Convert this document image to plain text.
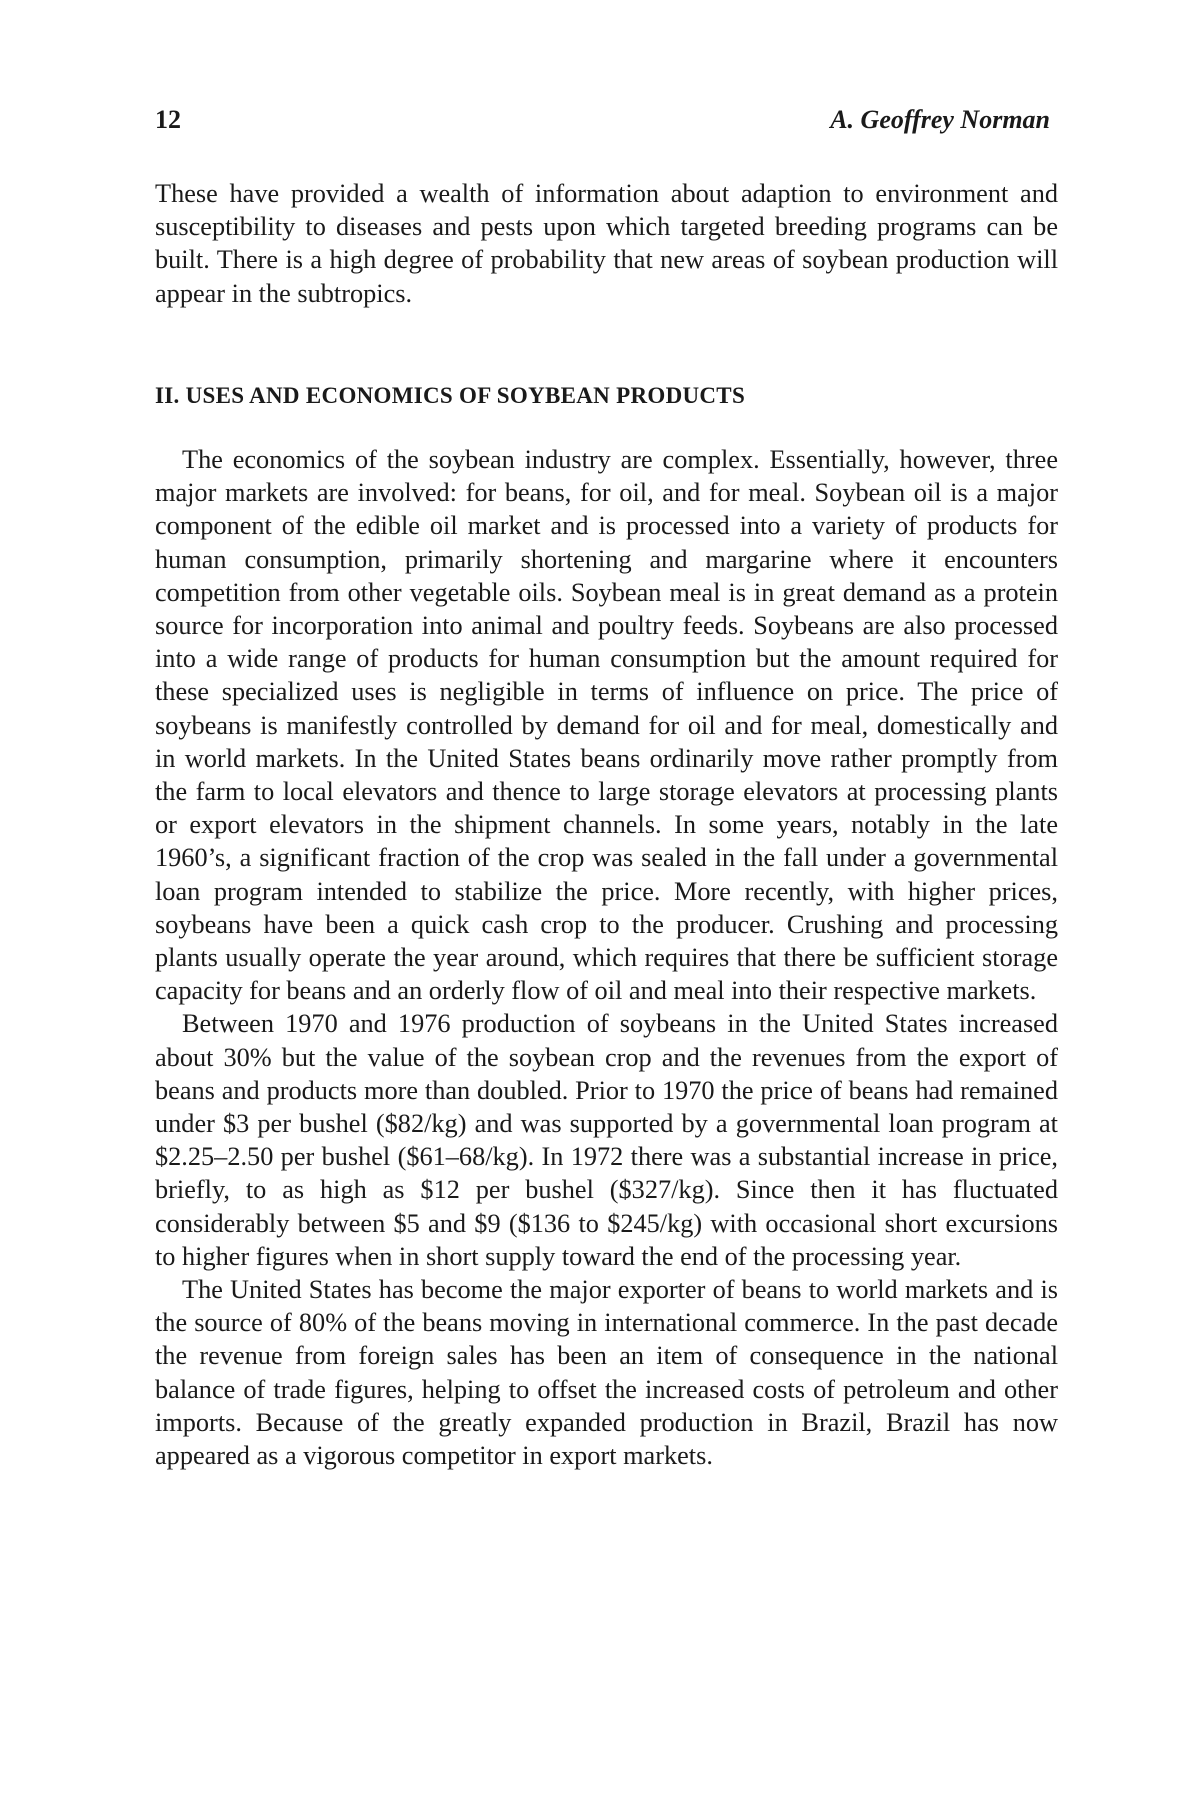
12	A. Geoffrey Norman

These have provided a wealth of information about adaption to environment and susceptibility to diseases and pests upon which targeted breeding programs can be built. There is a high degree of probability that new areas of soybean production will appear in the subtropics.

II. USES AND ECONOMICS OF SOYBEAN PRODUCTS

The economics of the soybean industry are complex. Essentially, however, three major markets are involved: for beans, for oil, and for meal. Soybean oil is a major component of the edible oil market and is processed into a variety of products for human consumption, primarily shortening and margarine where it encounters competition from other vegetable oils. Soybean meal is in great demand as a protein source for incorporation into animal and poultry feeds. Soybeans are also processed into a wide range of products for human consumption but the amount required for these specialized uses is negligible in terms of influence on price. The price of soybeans is manifestly controlled by demand for oil and for meal, domestically and in world markets. In the United States beans ordinarily move rather promptly from the farm to local elevators and thence to large storage elevators at processing plants or export elevators in the shipment channels. In some years, notably in the late 1960’s, a significant fraction of the crop was sealed in the fall under a governmental loan program intended to stabilize the price. More recently, with higher prices, soybeans have been a quick cash crop to the producer. Crushing and processing plants usually operate the year around, which requires that there be sufficient storage capacity for beans and an orderly flow of oil and meal into their respective markets.

Between 1970 and 1976 production of soybeans in the United States increased about 30% but the value of the soybean crop and the revenues from the export of beans and products more than doubled. Prior to 1970 the price of beans had remained under $3 per bushel ($82/kg) and was supported by a governmental loan program at $2.25–2.50 per bushel ($61–68/kg). In 1972 there was a substantial increase in price, briefly, to as high as $12 per bushel ($327/kg). Since then it has fluctuated considerably between $5 and $9 ($136 to $245/kg) with occasional short excursions to higher figures when in short supply toward the end of the processing year.

The United States has become the major exporter of beans to world markets and is the source of 80% of the beans moving in international commerce. In the past decade the revenue from foreign sales has been an item of consequence in the national balance of trade figures, helping to offset the increased costs of petroleum and other imports. Because of the greatly expanded production in Brazil, Brazil has now appeared as a vigorous competitor in export markets.
